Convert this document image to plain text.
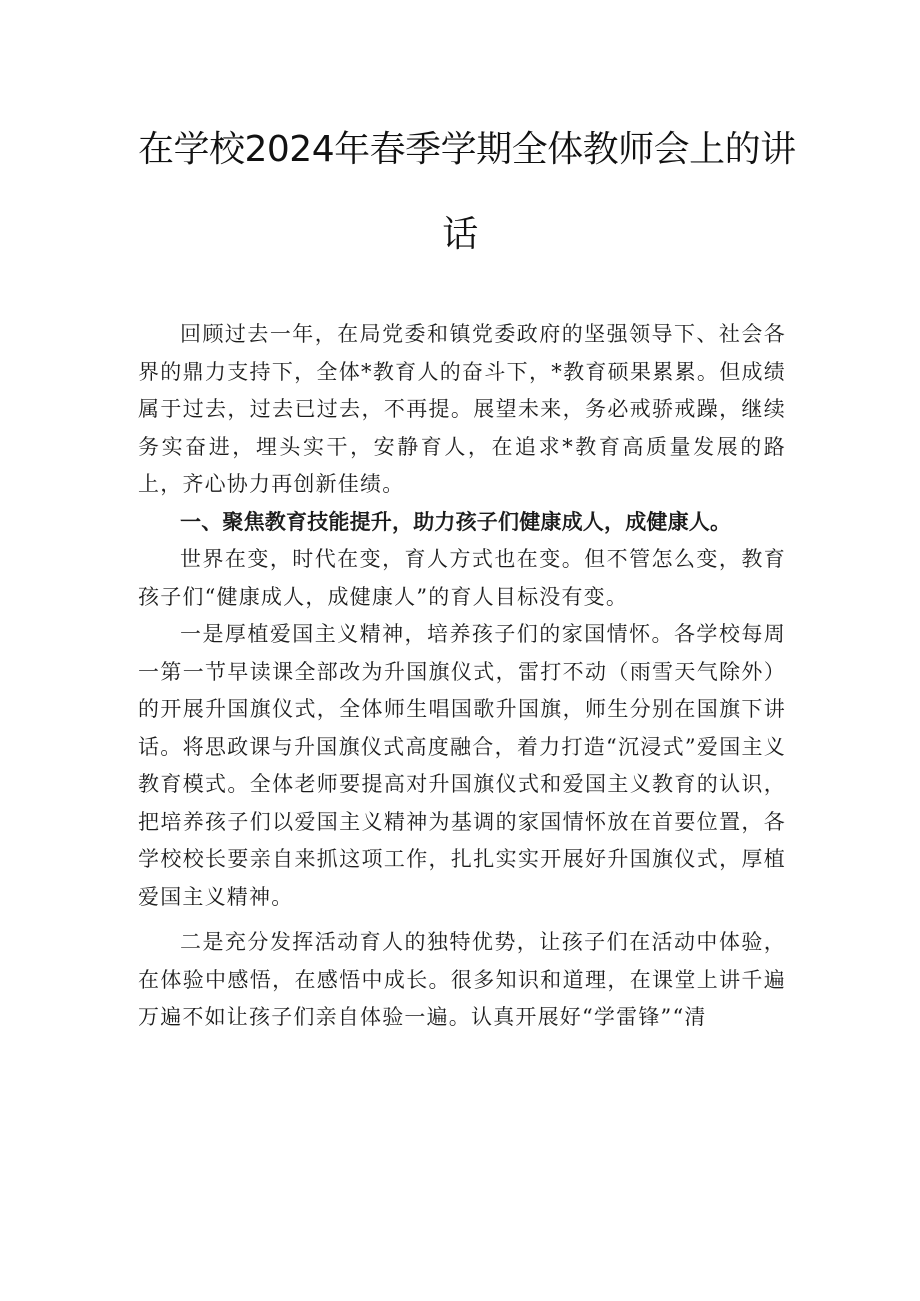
在学校2024年春季学期全体教师会上的讲
话

回顾过去一年，在局党委和镇党委政府的坚强领导下、社会各界的鼎力支持下，全体*教育人的奋斗下，*教育硕果累累。但成绩属于过去，过去已过去，不再提。展望未来，务必戒骄戒躁，继续务实奋进，埋头实干，安静育人，在追求*教育高质量发展的路上，齐心协力再创新佳绩。

一、聚焦教育技能提升，助力孩子们健康成人，成健康人。

世界在变，时代在变，育人方式也在变。但不管怎么变，教育孩子们“健康成人，成健康人”的育人目标没有变。

一是厚植爱国主义精神，培养孩子们的家国情怀。各学校每周一第一节早读课全部改为升国旗仪式，雷打不动（雨雪天气除外）的开展升国旗仪式，全体师生唱国歌升国旗，师生分别在国旗下讲话。将思政课与升国旗仪式高度融合，着力打造“沉浸式”爱国主义教育模式。全体老师要提高对升国旗仪式和爱国主义教育的认识，把培养孩子们以爱国主义精神为基调的家国情怀放在首要位置，各学校校长要亲自来抓这项工作，扎扎实实开展好升国旗仪式，厚植爱国主义精神。

二是充分发挥活动育人的独特优势，让孩子们在活动中体验，在体验中感悟，在感悟中成长。很多知识和道理，在课堂上讲千遍万遍不如让孩子们亲自体验一遍。认真开展好“学雷锋”“清
